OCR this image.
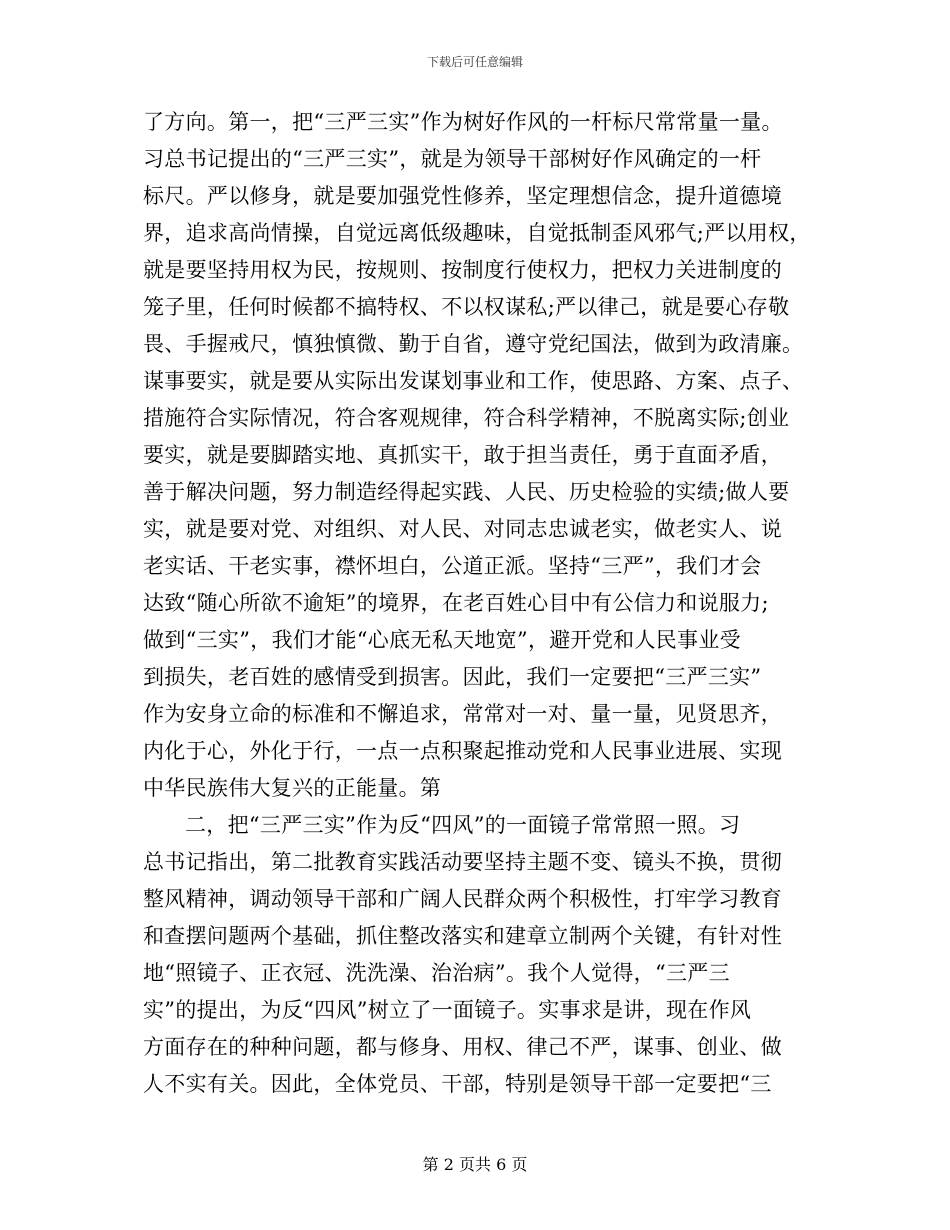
下载后可任意编辑
了方向。第一，把“三严三实”作为树好作风的一杆标尺常常量一量。
习总书记提出的“三严三实”，就是为领导干部树好作风确定的一杆
标尺。严以修身，就是要加强党性修养，坚定理想信念，提升道德境
界，追求高尚情操，自觉远离低级趣味，自觉抵制歪风邪气;严以用权，
就是要坚持用权为民，按规则、按制度行使权力，把权力关进制度的
笼子里，任何时候都不搞特权、不以权谋私;严以律己，就是要心存敬
畏、手握戒尺，慎独慎微、勤于自省，遵守党纪国法，做到为政清廉。
谋事要实，就是要从实际出发谋划事业和工作，使思路、方案、点子、
措施符合实际情况，符合客观规律，符合科学精神，不脱离实际;创业
要实，就是要脚踏实地、真抓实干，敢于担当责任，勇于直面矛盾，
善于解决问题，努力制造经得起实践、人民、历史检验的实绩;做人要
实，就是要对党、对组织、对人民、对同志忠诚老实，做老实人、说
老实话、干老实事，襟怀坦白，公道正派。坚持“三严”，我们才会
达致“随心所欲不逾矩”的境界，在老百姓心目中有公信力和说服力;
做到“三实”，我们才能“心底无私天地宽”，避开党和人民事业受
到损失，老百姓的感情受到损害。因此，我们一定要把“三严三实”
作为安身立命的标准和不懈追求，常常对一对、量一量，见贤思齐，
内化于心，外化于行，一点一点积聚起推动党和人民事业进展、实现
中华民族伟大复兴的正能量。第
二，把“三严三实”作为反“四风”的一面镜子常常照一照。习
总书记指出，第二批教育实践活动要坚持主题不变、镜头不换，贯彻
整风精神，调动领导干部和广阔人民群众两个积极性，打牢学习教育
和查摆问题两个基础，抓住整改落实和建章立制两个关键，有针对性
地“照镜子、正衣冠、洗洗澡、治治病”。我个人觉得，“三严三
实”的提出，为反“四风”树立了一面镜子。实事求是讲，现在作风
方面存在的种种问题，都与修身、用权、律己不严，谋事、创业、做
人不实有关。因此，全体党员、干部，特别是领导干部一定要把“三
第 2 页共 6 页
